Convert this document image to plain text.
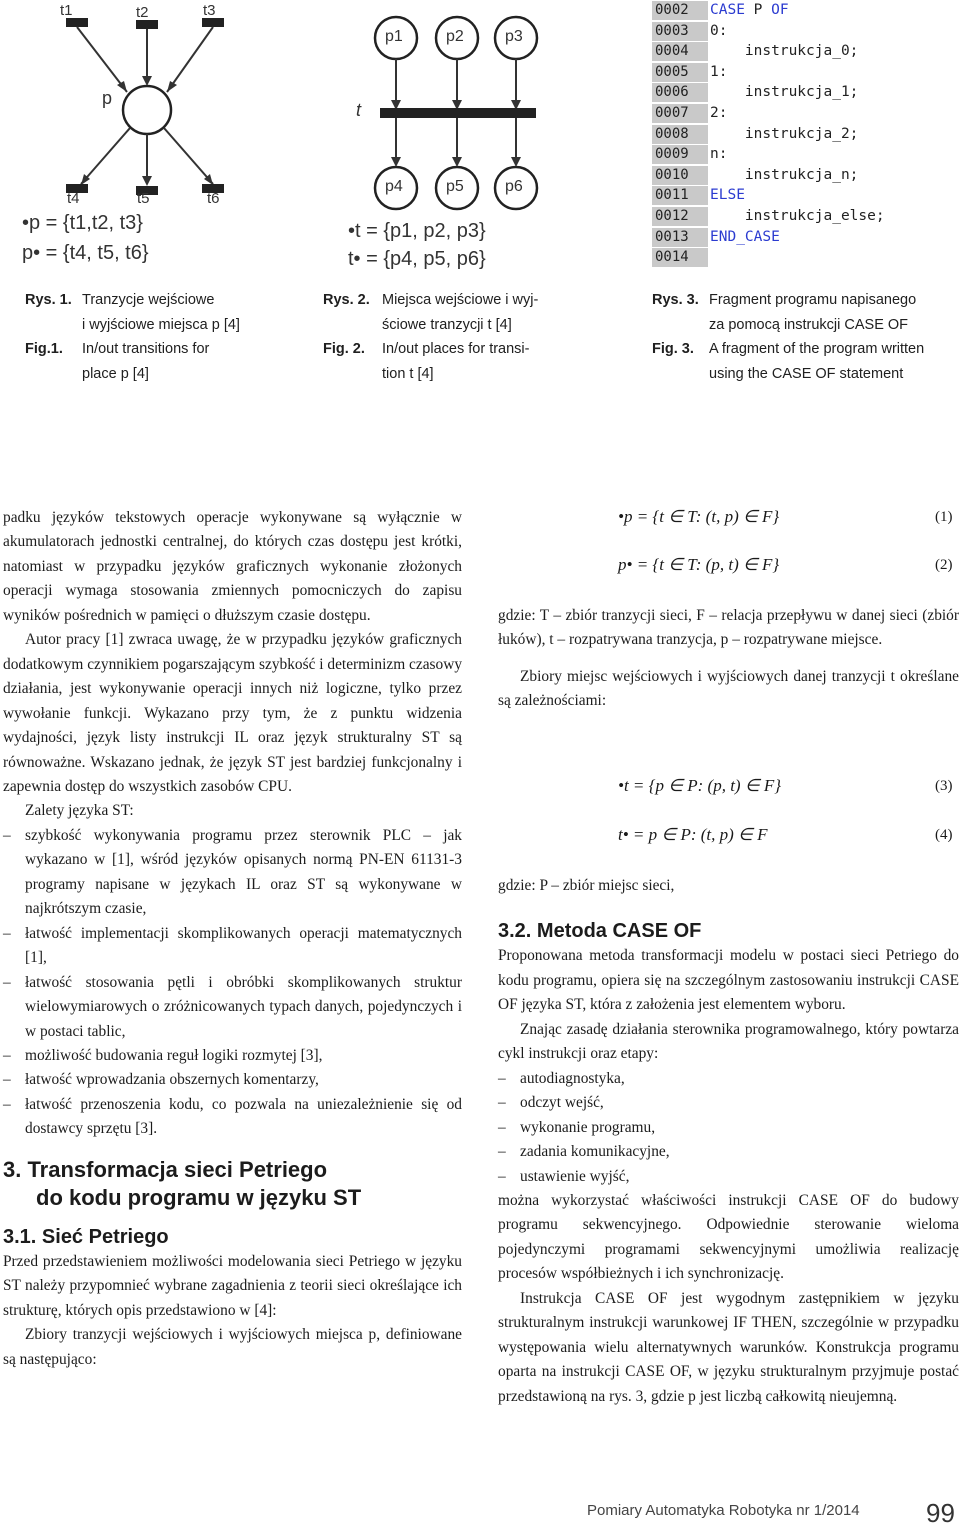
t1	t2	t3
p
t4	t5	t6
•p = {t1,t2, t3}
p• = {t4, t5, t6}
p1	p2	p3
t
p4	p5	p6
•t = {p1, p2, p3}
t• = {p4, p5, p6}
0002	CASE P OF
0003	0:
0004	instrukcja_0;
0005	1:
0006	instrukcja_1;
0007	2:
0008	instrukcja_2;
0009	n:
0010	instrukcja_n;
0011	ELSE
0012	instrukcja_else;
0013	END_CASE
0014
Rys. 1. Tranzycje wejściowe
i wyjściowe miejsca p [4]
Fig.1. In/out transitions for
place p [4]
Rys. 2. Miejsca wejściowe i wyj-
ściowe tranzycji t [4]
Fig. 2. In/out places for transi-
tion t [4]
Rys. 3. Fragment programu napisanego
za pomocą instrukcji CASE OF
Fig. 3. A fragment of the program written
using the CASE OF statement

padku języków tekstowych operacje wykonywane są wyłącznie w akumulatorach jednostki centralnej, do których czas dostępu jest krótki, natomiast w przypadku języków graficznych wykonanie złożonych operacji wymaga stosowania zmiennych pomocniczych do zapisu wyników pośrednich w pamięci o dłuższym czasie dostępu.

Autor pracy [1] zwraca uwagę, że w przypadku języków graficznych dodatkowym czynnikiem pogarszającym szybkość i determinizm czasowy działania, jest wykonywanie operacji innych niż logiczne, tylko przez wywołanie funkcji. Wykazano przy tym, że z punktu widzenia wydajności, język listy instrukcji IL oraz język strukturalny ST są równoważne. Wskazano jednak, że język ST jest bardziej funkcjonalny i zapewnia dostęp do wszystkich zasobów CPU.

Zalety języka ST:

– szybkość wykonywania programu przez sterownik PLC – jak wykazano w [1], wśród języków opisanych normą PN-EN 61131-3 programy napisane w językach IL oraz ST są wykonywane w najkrótszym czasie,

– łatwość implementacji skomplikowanych operacji matematycznych [1],

– łatwość stosowania pętli i obróbki skomplikowanych struktur wielowymiarowych o zróżnicowanych typach danych, pojedynczych i w postaci tablic,

– możliwość budowania reguł logiki rozmytej [3],

– łatwość wprowadzania obszernych komentarzy,

– łatwość przenoszenia kodu, co pozwala na uniezależnienie się od dostawcy sprzętu [3].

3. Transformacja sieci Petriego
do kodu programu w języku ST
3.1. Sieć Petriego

Przed przedstawieniem możliwości modelowania sieci Petriego w języku ST należy przypomnieć wybrane zagadnienia z teorii sieci określające ich strukturę, których opis przedstawiono w [4]:

Zbiory tranzycji wejściowych i wyjściowych miejsca p, definiowane są następująco:

•p = {t ∈ T: (t, p) ∈ F}	(1)
p• = {t ∈ T: (p, t) ∈ F}	(2)

gdzie: T – zbiór tranzycji sieci, F – relacja przepływu w danej sieci (zbiór łuków), t – rozpatrywana tranzycja, p – rozpatrywane miejsce.

Zbiory miejsc wejściowych i wyjściowych danej tranzycji t określane są zależnościami:

•t = {p ∈ P: (p, t) ∈ F}	(3)
t• = p ∈ P: (t, p) ∈ F	(4)

gdzie: P – zbiór miejsc sieci,

3.2. Metoda CASE OF

Proponowana metoda transformacji modelu w postaci sieci Petriego do kodu programu, opiera się na szczególnym zastosowaniu instrukcji CASE OF języka ST, która z założenia jest elementem wyboru.

Znając zasadę działania sterownika programowalnego, który powtarza cykl instrukcji oraz etapy:

– autodiagnostyka,

– odczyt wejść,

– wykonanie programu,

– zadania komunikacyjne,

– ustawienie wyjść,

można wykorzystać właściwości instrukcji CASE OF do budowy programu sekwencyjnego. Odpowiednie sterowanie wieloma pojedynczymi programami sekwencyjnymi umożliwia realizację procesów współbieżnych i ich synchronizację.

Instrukcja CASE OF jest wygodnym zastępnikiem w języku strukturalnym instrukcji warunkowej IF THEN, szczególnie w przypadku występowania wielu alternatywnych warunków. Konstrukcja programu oparta na instrukcji CASE OF, w języku strukturalnym przyjmuje postać przedstawioną na rys. 3, gdzie p jest liczbą całkowitą nieujemną.

Pomiary Automatyka Robotyka nr 1/2014	99
